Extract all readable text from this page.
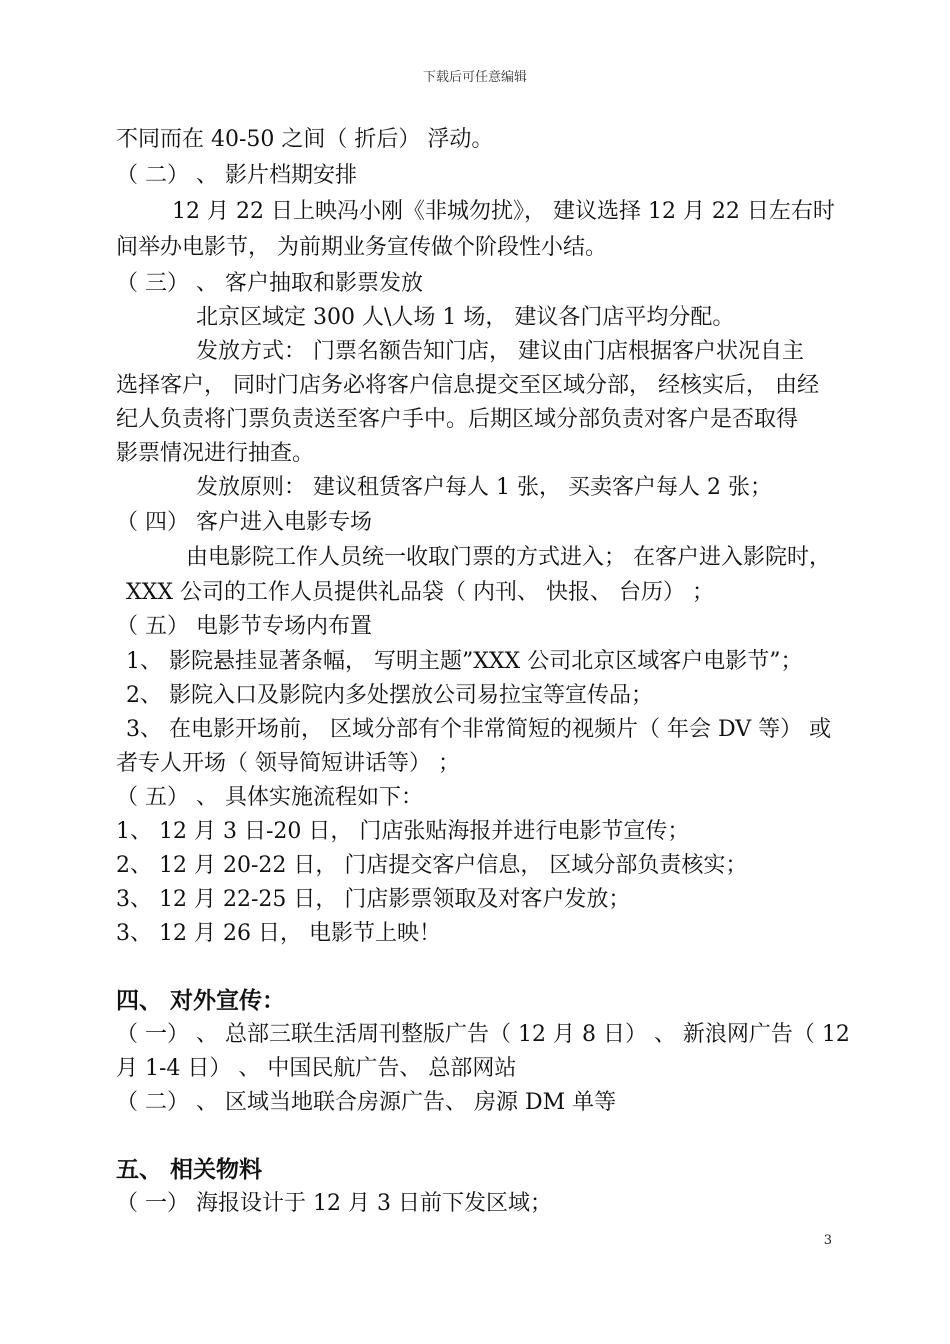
下载后可任意编辑
不同而在 40-50 之间（ 折后） 浮动。
（ 二） 、 影片档期安排
12 月 22 日上映冯小刚《非城勿扰》， 建议选择 12 月 22 日左右时
间举办电影节， 为前期业务宣传做个阶段性小结。
（ 三） 、 客户抽取和影票发放
北京区域定 300 人\人场 1 场， 建议各门店平均分配。
发放方式： 门票名额告知门店， 建议由门店根据客户状况自主
选择客户， 同时门店务必将客户信息提交至区域分部， 经核实后， 由经
纪人负责将门票负责送至客户手中。后期区域分部负责对客户是否取得
影票情况进行抽查。
发放原则： 建议租赁客户每人 1 张， 买卖客户每人 2 张；
（ 四） 客户进入电影专场
由电影院工作人员统一收取门票的方式进入； 在客户进入影院时，
XXX 公司的工作人员提供礼品袋（ 内刊、 快报、 台历） ；
（ 五） 电影节专场内布置
1、 影院悬挂显著条幅， 写明主题”XXX 公司北京区域客户电影节”；
2、 影院入口及影院内多处摆放公司易拉宝等宣传品；
3、 在电影开场前， 区域分部有个非常简短的视频片（ 年会 DV 等） 或
者专人开场（ 领导简短讲话等） ；
（ 五） 、 具体实施流程如下：
1、 12 月 3 日-20 日， 门店张贴海报并进行电影节宣传；
2、 12 月 20-22 日， 门店提交客户信息， 区域分部负责核实；
3、 12 月 22-25 日， 门店影票领取及对客户发放；
3、 12 月 26 日， 电影节上映！
四、 对外宣传：
（ 一） 、 总部三联生活周刊整版广告（ 12 月 8 日） 、 新浪网广告（ 12
月 1-4 日） 、 中国民航广告、 总部网站
（ 二） 、 区域当地联合房源广告、 房源 DM 单等
五、 相关物料
（ 一） 海报设计于 12 月 3 日前下发区域；
3
